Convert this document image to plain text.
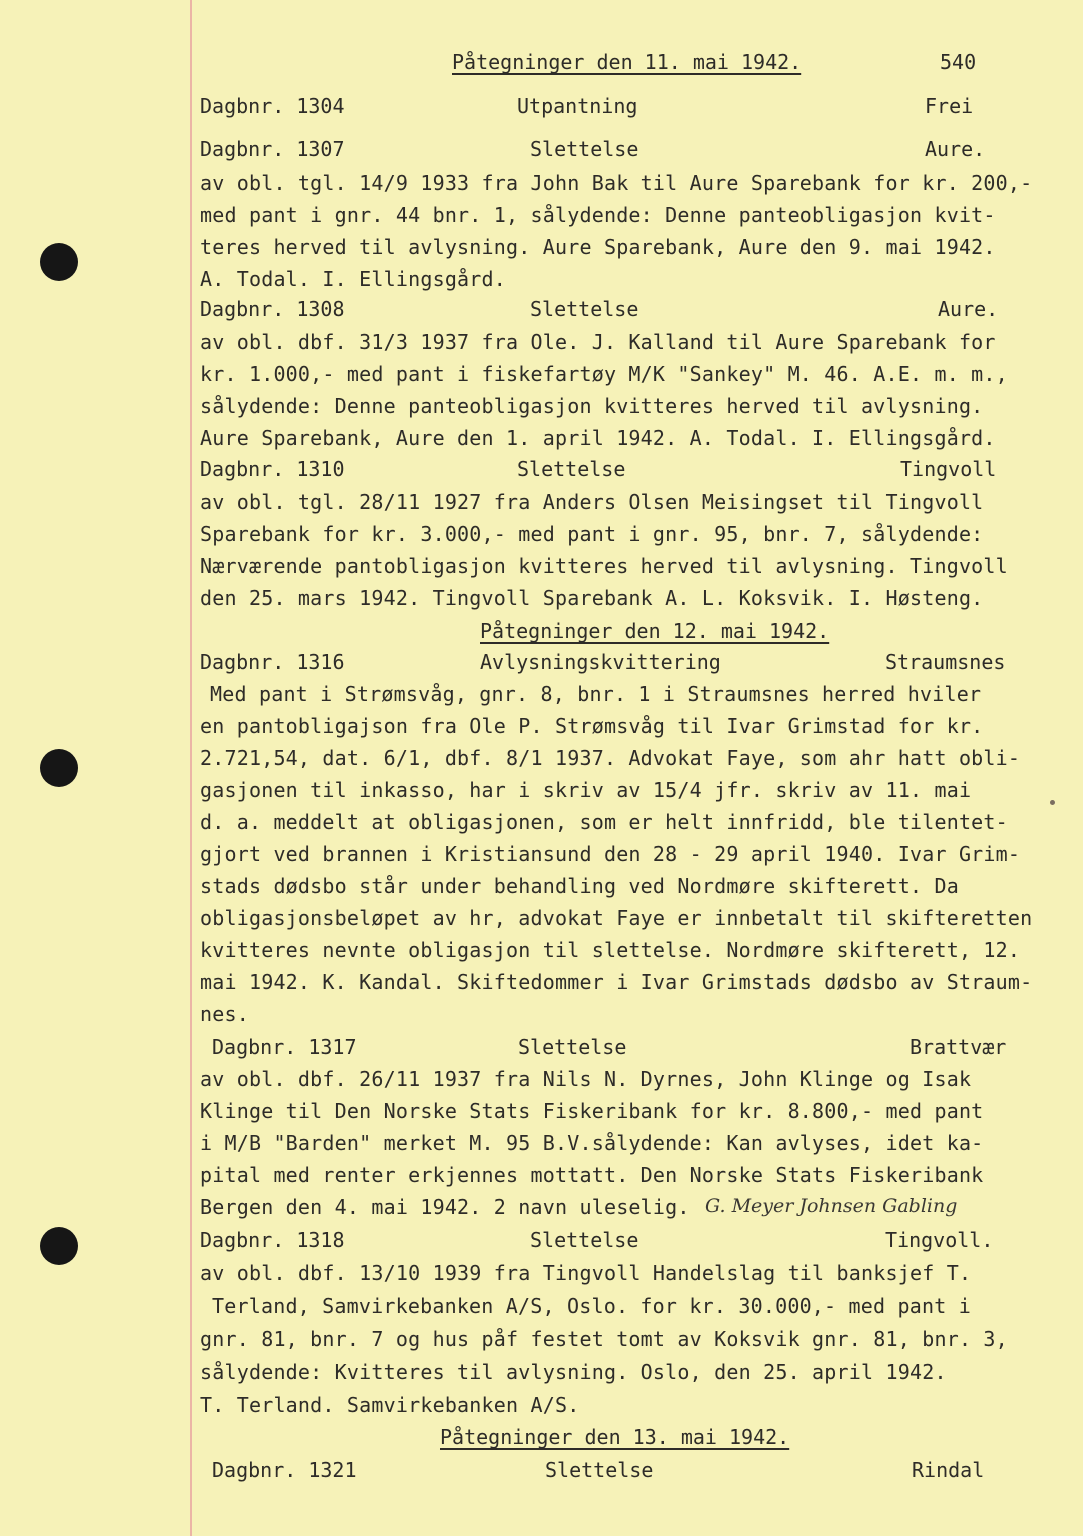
540
Påtegninger den 11. mai 1942.
Dagbnr. 1304	Utpantning	Frei
Dagbnr. 1307	Slettelse	Aure.
av obl. tgl. 14/9 1933 fra John Bak til Aure Sparebank for kr. 200,-
med pant i gnr. 44 bnr. 1, sålydende: Denne panteobligasjon kvit-
teres herved til avlysning. Aure Sparebank, Aure den 9. mai 1942.
A. Todal. I. Ellingsgård.
Dagbnr. 1308	Slettelse	Aure.
av obl. dbf. 31/3 1937 fra Ole. J. Kalland til Aure Sparebank for
kr. 1.000,- med pant i fiskefartøy M/K "Sankey" M. 46. A.E. m. m.,
sålydende: Denne panteobligasjon kvitteres herved til avlysning.
Aure Sparebank, Aure den 1. april 1942. A. Todal. I. Ellingsgård.
Dagbnr. 1310	Slettelse	Tingvoll
av obl. tgl. 28/11 1927 fra Anders Olsen Meisingset til Tingvoll
Sparebank for kr. 3.000,- med pant i gnr. 95, bnr. 7, sålydende:
Nærværende pantobligasjon kvitteres herved til avlysning. Tingvoll
den 25. mars 1942. Tingvoll Sparebank A. L. Koksvik. I. Høsteng.
Påtegninger den 12. mai 1942.
Dagbnr. 1316	Avlysningskvittering	Straumsnes
Med pant i Strømsvåg, gnr. 8, bnr. 1 i Straumsnes herred hviler
en pantobligajson fra Ole P. Strømsvåg til Ivar Grimstad for kr.
2.721,54, dat. 6/1, dbf. 8/1 1937. Advokat Faye, som ahr hatt obli-
gasjonen til inkasso, har i skriv av 15/4 jfr. skriv av 11. mai
d. a. meddelt at obligasjonen, som er helt innfridd, ble tilentet-
gjort ved brannen i Kristiansund den 28 - 29 april 1940. Ivar Grim-
stads dødsbo står under behandling ved Nordmøre skifterett. Da
obligasjonsbeløpet av hr, advokat Faye er innbetalt til skifteretten
kvitteres nevnte obligasjon til slettelse. Nordmøre skifterett, 12.
mai 1942. K. Kandal. Skiftedommer i Ivar Grimstads dødsbo av Straum-
nes.
Dagbnr. 1317	Slettelse	Brattvær
av obl. dbf. 26/11 1937 fra Nils N. Dyrnes, John Klinge og Isak
Klinge til Den Norske Stats Fiskeribank for kr. 8.800,- med pant
i M/B "Barden" merket M. 95 B.V.sålydende: Kan avlyses, idet ka-
pital med renter erkjennes mottatt. Den Norske Stats Fiskeribank
Bergen den 4. mai 1942. 2 navn uleselig. G. Meyer Johnsen Gabling
Dagbnr. 1318	Slettelse	Tingvoll.
av obl. dbf. 13/10 1939 fra Tingvoll Handelslag til banksjef T.
Terland, Samvirkebanken A/S, Oslo. for kr. 30.000,- med pant i
gnr. 81, bnr. 7 og hus påf festet tomt av Koksvik gnr. 81, bnr. 3,
sålydende: Kvitteres til avlysning. Oslo, den 25. april 1942.
T. Terland. Samvirkebanken A/S.
Påtegninger den 13. mai 1942.
Dagbnr. 1321	Slettelse	Rindal
